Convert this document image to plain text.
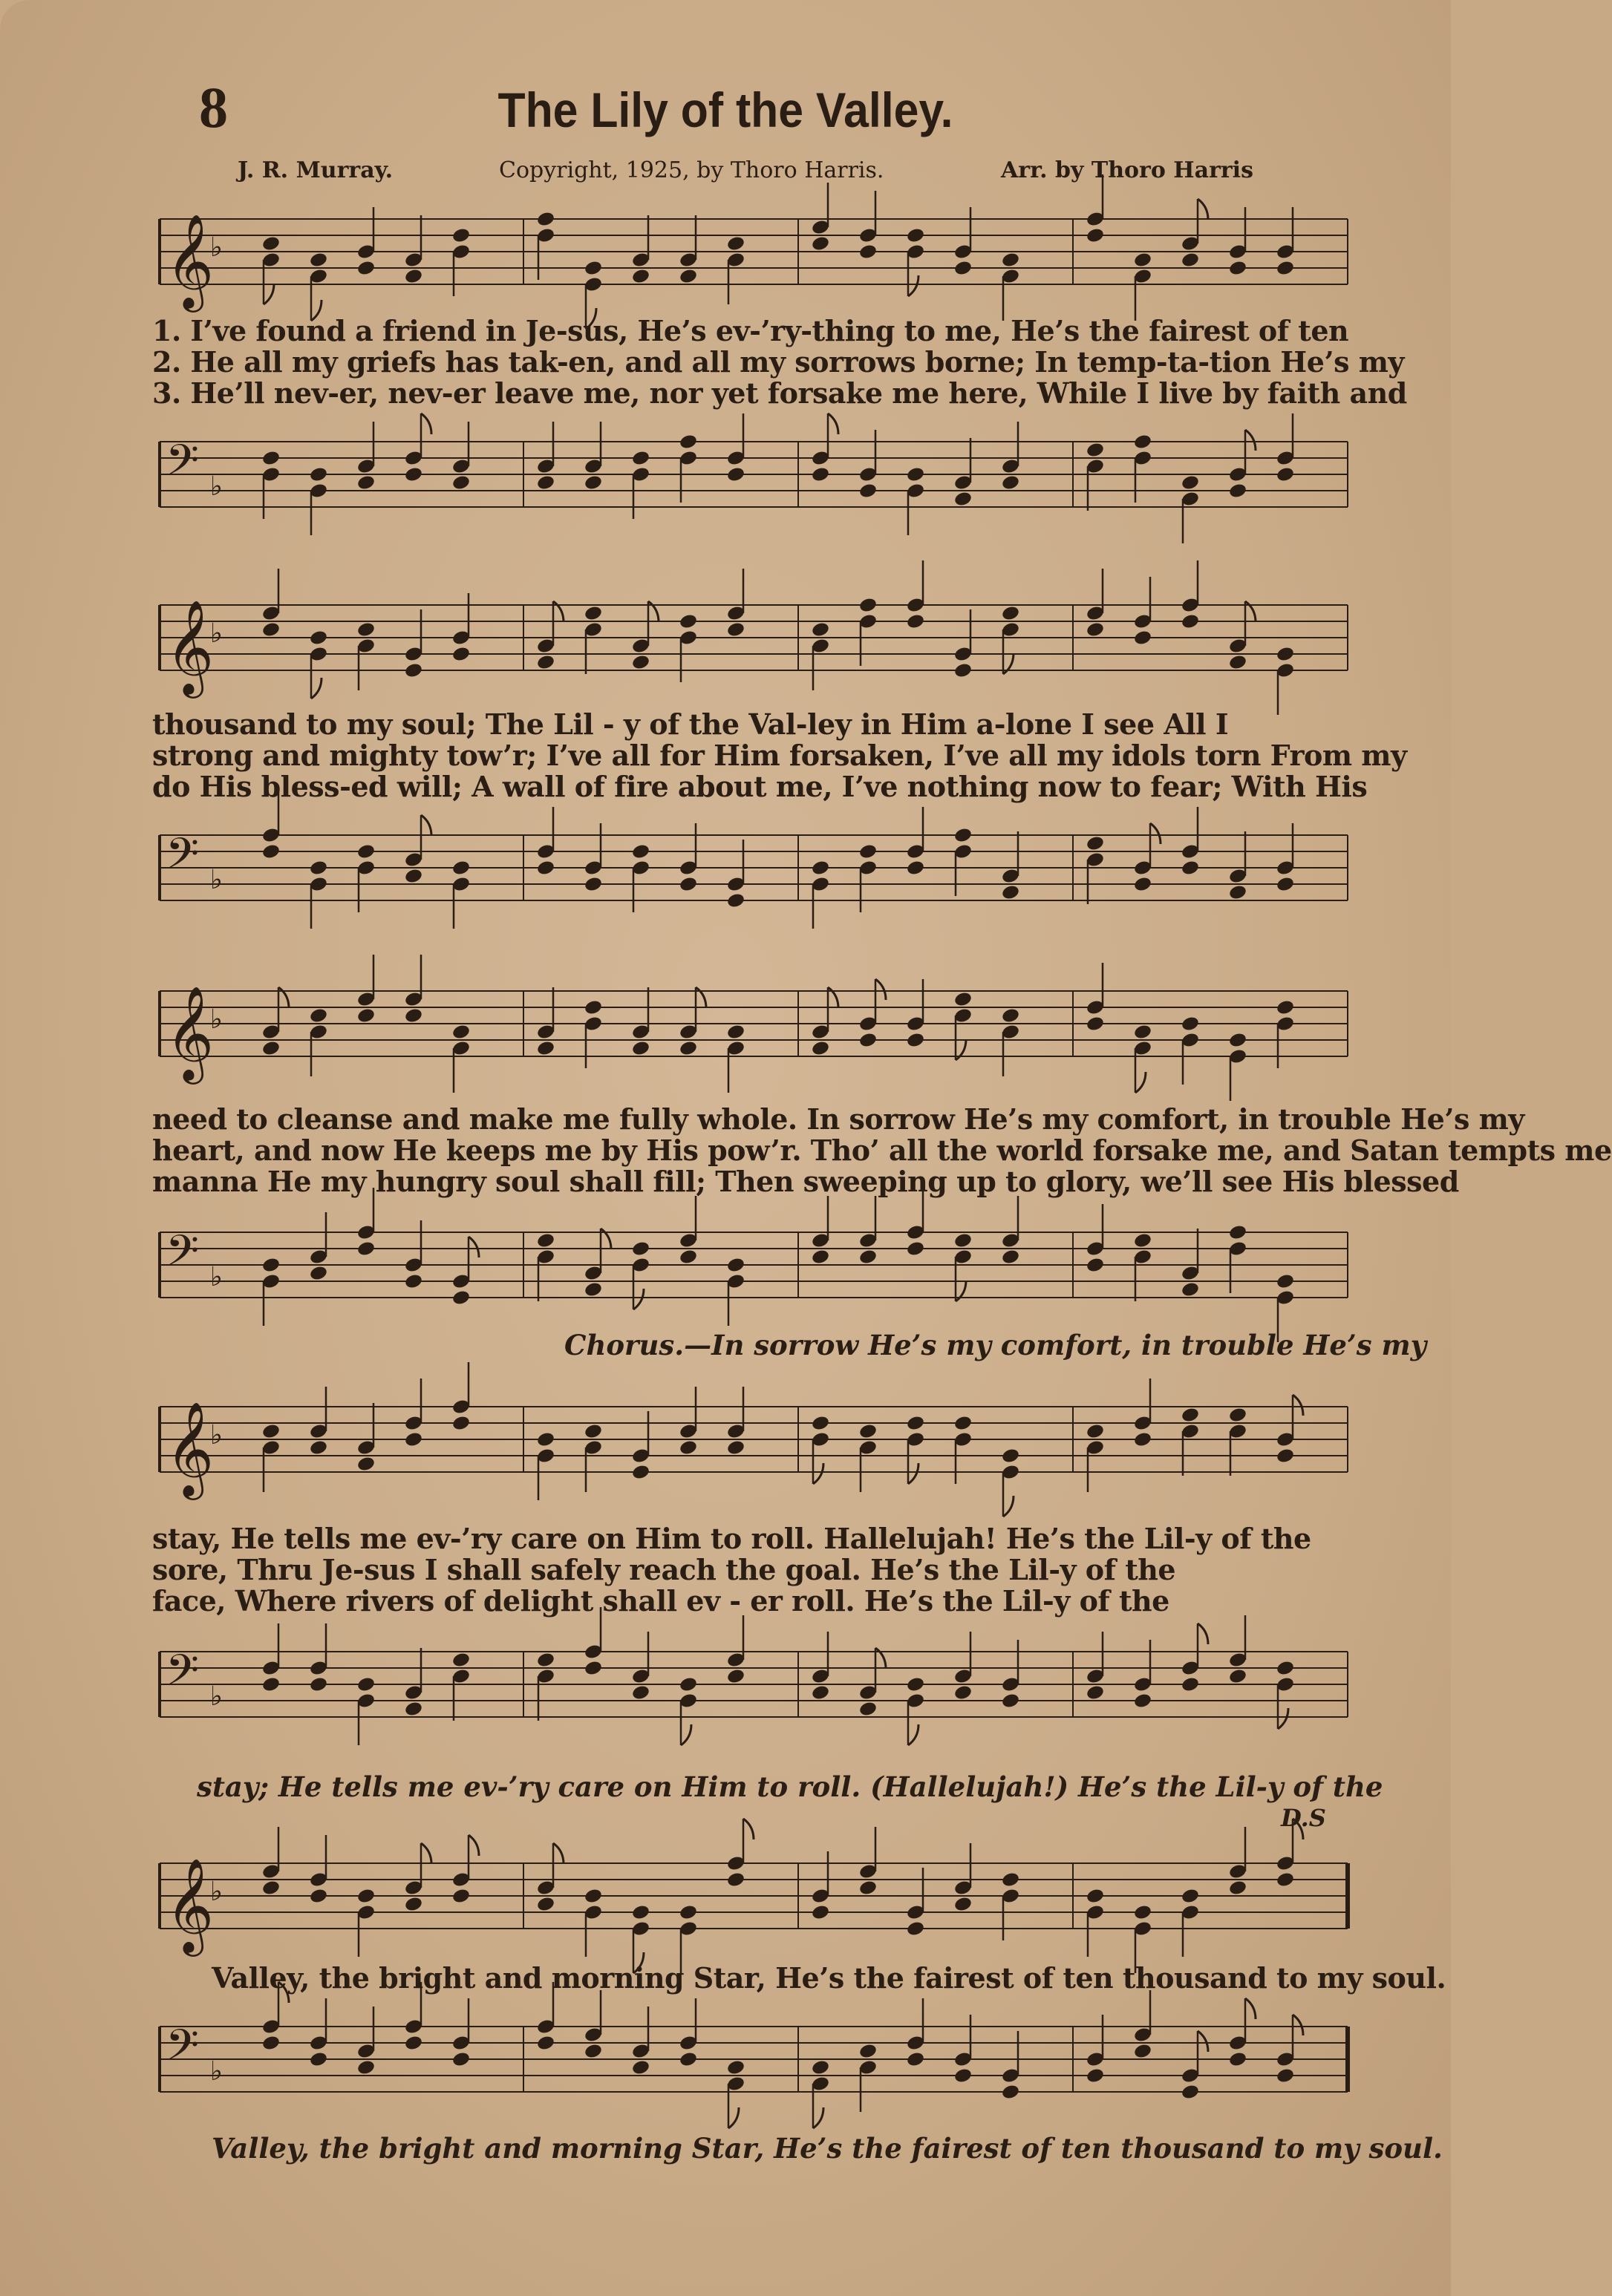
8	The Lily of the Valley.
J. R. Murray.	Copyright, 1925, by Thoro Harris.	Arr. by Thoro Harris
𝄞
♭
1. I’ve found a friend in Je-sus, He’s ev-’ry-thing to me, He’s the fairest of ten
2. He all my griefs has tak-en, and all my sorrows borne; In temp-ta-tion He’s my
3. He’ll nev-er, nev-er leave me, nor yet forsake me here, While I live by faith and
𝄢 ♭
𝄞
♭
thousand to my soul; The Lil - y of the Val-ley in Him a-lone I see All I
strong and mighty tow’r; I’ve all for Him forsaken, I’ve all my idols torn From my
do His bless-ed will; A wall of fire about me, I’ve nothing now to fear; With His
𝄢 ♭
𝄞
♭
need to cleanse and make me fully whole. In sorrow He’s my comfort, in trouble He’s my
heart, and now He keeps me by His pow’r. Tho’ all the world forsake me, and Satan tempts me
manna He my hungry soul shall fill; Then sweeping up to glory, we’ll see His blessed
𝄢 ♭
Chorus.—In sorrow He’s my comfort, in trouble He’s my
𝄞
♭
stay, He tells me ev-’ry care on Him to roll. Hallelujah! He’s the Lil-y of the
sore, Thru Je-sus I shall safely reach the goal. He’s the Lil-y of the
face, Where rivers of delight shall ev - er roll. He’s the Lil-y of the
𝄢 ♭
stay; He tells me ev-’ry care on Him to roll. (Hallelujah!) He’s the Lil-y of the
D.S
𝄞
♭
Valley, the bright and morning Star, He’s the fairest of ten thousand to my soul.
𝄢 ♭
Valley, the bright and morning Star, He’s the fairest of ten thousand to my soul.
